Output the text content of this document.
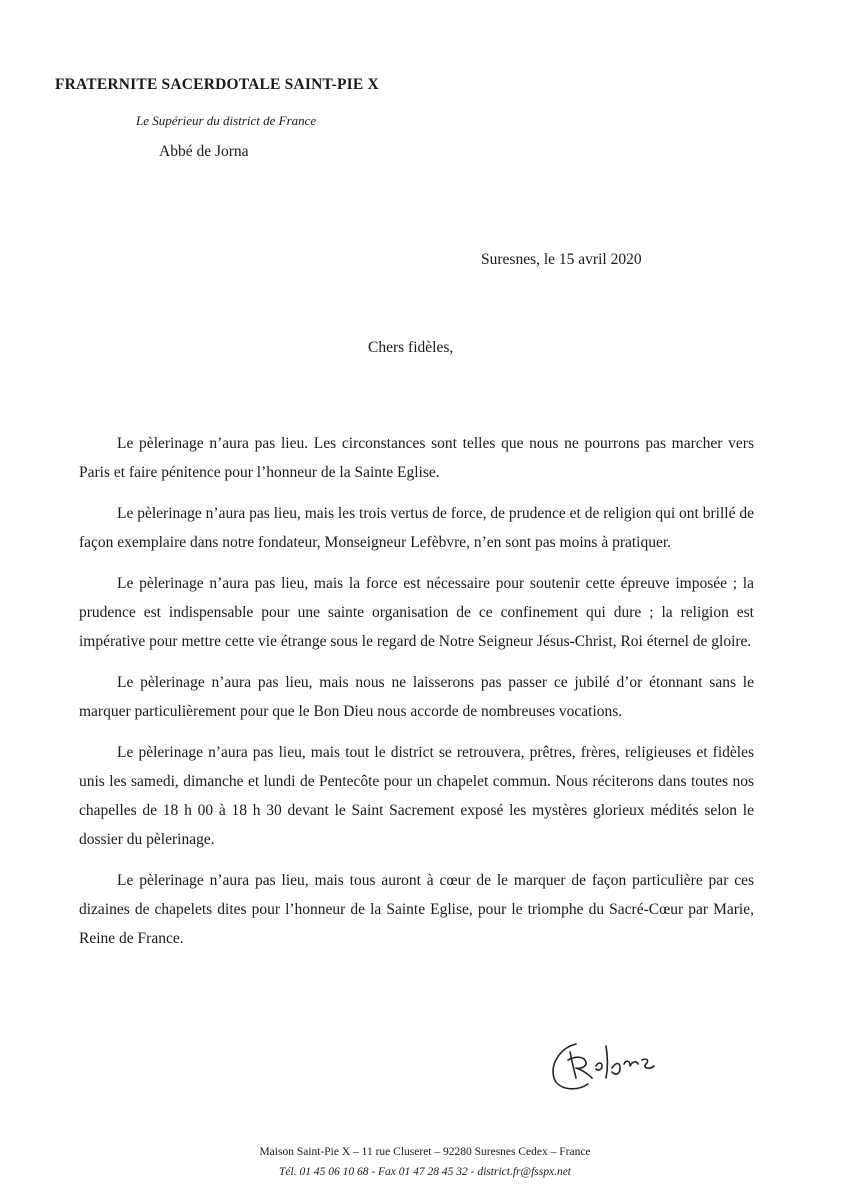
FRATERNITE SACERDOTALE SAINT-PIE X
Le Supérieur du district de France
Abbé de Jorna
Suresnes, le 15 avril 2020
Chers fidèles,

Le pèlerinage n’aura pas lieu. Les circonstances sont telles que nous ne pourrons pas marcher vers Paris et faire pénitence pour l’honneur de la Sainte Eglise.

Le pèlerinage n’aura pas lieu, mais les trois vertus de force, de prudence et de religion qui ont brillé de façon exemplaire dans notre fondateur, Monseigneur Lefèbvre, n’en sont pas moins à pratiquer.

Le pèlerinage n’aura pas lieu, mais la force est nécessaire pour soutenir cette épreuve imposée ; la prudence est indispensable pour une sainte organisation de ce confinement qui dure ; la religion est impérative pour mettre cette vie étrange sous le regard de Notre Seigneur Jésus-Christ, Roi éternel de gloire.

Le pèlerinage n’aura pas lieu, mais nous ne laisserons pas passer ce jubilé d’or étonnant sans le marquer particulièrement pour que le Bon Dieu nous accorde de nombreuses vocations.

Le pèlerinage n’aura pas lieu, mais tout le district se retrouvera, prêtres, frères, religieuses et fidèles unis les samedi, dimanche et lundi de Pentecôte pour un chapelet commun. Nous réciterons dans toutes nos chapelles de 18 h 00 à 18 h 30 devant le Saint Sacrement exposé les mystères glorieux médités selon le dossier du pèlerinage.

Le pèlerinage n’aura pas lieu, mais tous auront à cœur de le marquer de façon particulière par ces dizaines de chapelets dites pour l’honneur de la Sainte Eglise, pour le triomphe du Sacré-Cœur par Marie, Reine de France.

Maison Saint-Pie X – 11 rue Cluseret – 92280 Suresnes Cedex – France
Tél. 01 45 06 10 68 - Fax 01 47 28 45 32 - district.fr@fsspx.net
